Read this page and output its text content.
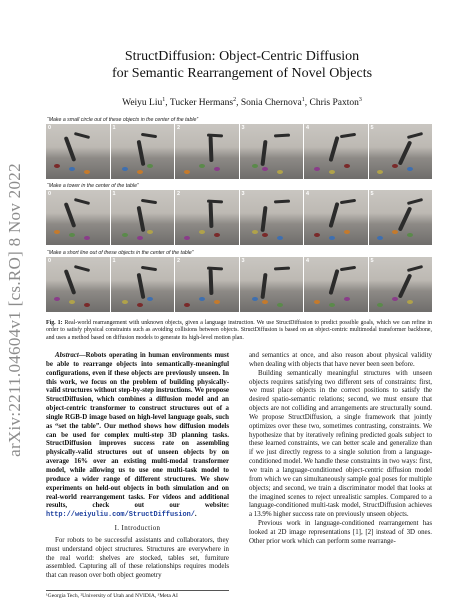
arXiv:2211.04604v1 [cs.RO] 8 Nov 2022
StructDiffusion: Object-Centric Diffusion
for Semantic Rearrangement of Novel Objects
Weiyu Liu$^1$, Tucker Hermans$^2$, Sonia Chernova$^1$, Chris Paxton$^3$
“Make a small circle out of these objects in the center of the table”
0	1	2	3	4	5
“Make a tower in the center of the table”
0	1	2	3	4	5
“Make a short line out of these objects in the center of the table”
0	1	2	3	4	5
Fig. 1: Real-world rearrangement with unknown objects, given a language instruction. We use StructDiffusion to predict possible goals, which we can refine in order to satisfy physical constraints such as avoiding collisions between objects. StructDiffusion is based on an object-centric multimodal transformer backbone, and uses a method based on diffusion models to generate its high-level motion plan.

Abstract—Robots operating in human environments must be able to rearrange objects into semantically-meaningful configurations, even if these objects are previously unseen. In this work, we focus on the problem of building physically-valid structures without step-by-step instructions. We propose StructDiffusion, which combines a diffusion model and an object-centric transformer to construct structures out of a single RGB-D image based on high-level language goals, such as “set the table”. Our method shows how diffusion models can be used for complex multi-step 3D planning tasks. StructDiffusion improves success rate on assembling physically-valid structures out of unseen objects by on average 16% over an existing multi-modal transformer model, while allowing us to use one multi-task model to produce a wider range of different structures. We show experiments on held-out objects in both simulation and on real-world rearrangement tasks. For videos and additional results, check out our website: http://weiyuliu.com/StructDiffusion/.

I. Introduction

For robots to be successful assistants and collaborators, they must understand object structures. Structures are everywhere in the real world: shelves are stocked, tables set, furniture assembled. Capturing all of these relationships requires models that can reason over both object geometry

¹Georgia Tech, ²University of Utah and NVIDIA, ³Meta AI

and semantics at once, and also reason about physical validity when dealing with objects that have never been seen before.

Building semantically meaningful structures with unseen objects requires satisfying two different sets of constraints: first, we must place objects in the correct positions to satisfy the desired spatio-semantic relations; second, we must ensure that objects are not colliding and arrangements are structurally sound. We propose StructDiffusion, a single framework that jointly optimizes over these two, sometimes contrasting, constraints. We hypothesize that by iteratively refining predicted goals subject to these learned constraints, we can better scale and generalize than if we just directly regress to a single solution from a language-conditioned model. We handle these constraints in two ways: first, we train a language-conditioned object-centric diffusion model from which we can simultaneously sample goal poses for multiple objects; and second, we train a discriminator model that looks at the imagined scenes to reject unrealistic samples. Compared to a language-conditioned multi-task model, StructDiffusion achieves a 13.9% higher success rate on previously unseen objects.

Previous work in language-conditioned rearrangement has looked at 2D image representations [1], [2] instead of 3D ones. Other prior work which can perform some rearrange-
